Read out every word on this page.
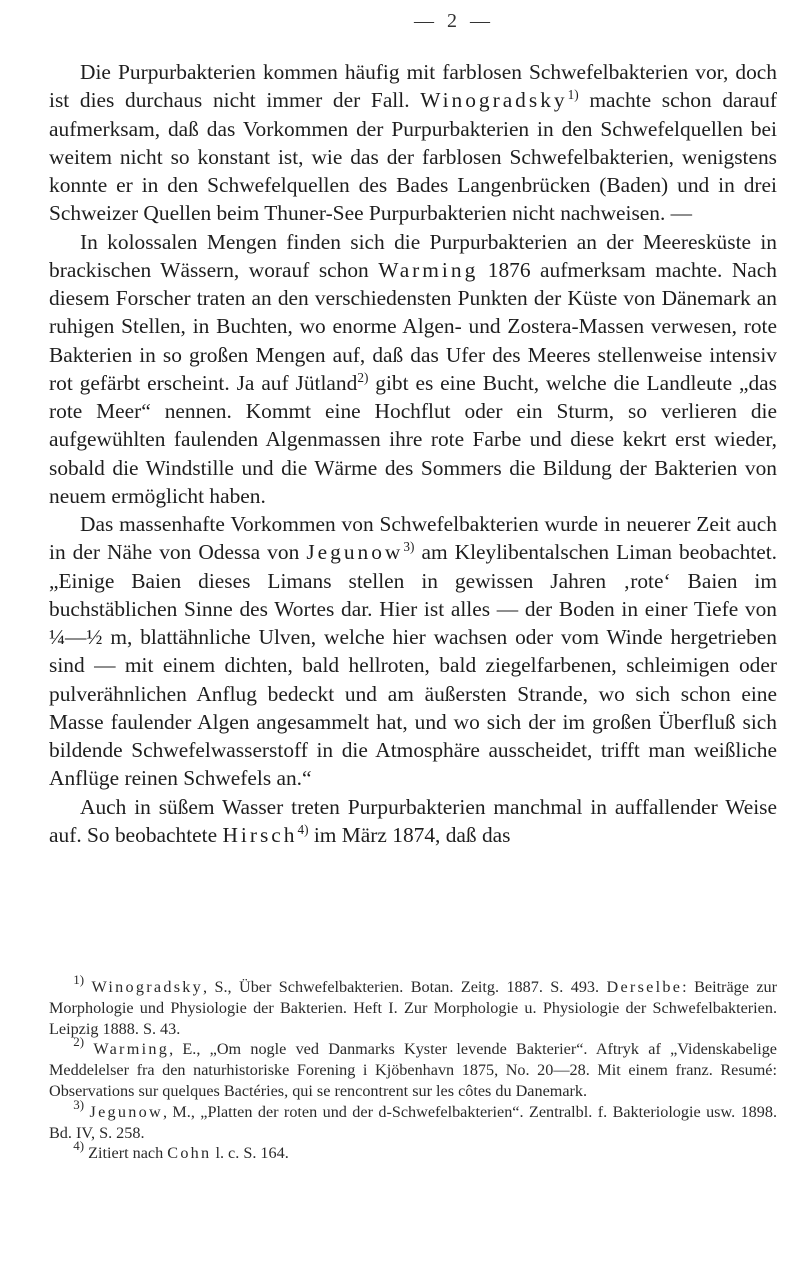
— 2 —

Die Purpurbakterien kommen häufig mit farblosen Schwefelbakterien vor, doch ist dies durchaus nicht immer der Fall. Winogradsky$^{1)}$ machte schon darauf aufmerksam, daß das Vorkommen der Purpurbakterien in den Schwefelquellen bei weitem nicht so konstant ist, wie das der farblosen Schwefelbakterien, wenigstens konnte er in den Schwefelquellen des Bades Langenbrücken (Baden) und in drei Schweizer Quellen beim Thuner-See Purpurbakterien nicht nachweisen. —

In kolossalen Mengen finden sich die Purpurbakterien an der Meeresküste in brackischen Wässern, worauf schon Warming 1876 aufmerksam machte. Nach diesem Forscher traten an den verschiedensten Punkten der Küste von Dänemark an ruhigen Stellen, in Buchten, wo enorme Algen- und Zostera-Massen verwesen, rote Bakterien in so großen Mengen auf, daß das Ufer des Meeres stellenweise intensiv rot gefärbt erscheint. Ja auf Jütland$^{2)}$ gibt es eine Bucht, welche die Landleute „das rote Meer“ nennen. Kommt eine Hochflut oder ein Sturm, so verlieren die aufgewühlten faulenden Algenmassen ihre rote Farbe und diese kekrt erst wieder, sobald die Windstille und die Wärme des Sommers die Bildung der Bakterien von neuem ermöglicht haben.

Das massenhafte Vorkommen von Schwefelbakterien wurde in neuerer Zeit auch in der Nähe von Odessa von Jegunow$^{3)}$ am Kleylibentalschen Liman beobachtet. „Einige Baien dieses Limans stellen in gewissen Jahren ‚rote‘ Baien im buchstäblichen Sinne des Wortes dar. Hier ist alles — der Boden in einer Tiefe von ¼—½ m, blattähnliche Ulven, welche hier wachsen oder vom Winde hergetrieben sind — mit einem dichten, bald hellroten, bald ziegelfarbenen, schleimigen oder pulverähnlichen Anflug bedeckt und am äußersten Strande, wo sich schon eine Masse faulender Algen angesammelt hat, und wo sich der im großen Überfluß sich bildende Schwefelwasserstoff in die Atmosphäre ausscheidet, trifft man weißliche Anflüge reinen Schwefels an.“

Auch in süßem Wasser treten Purpurbakterien manchmal in auffallender Weise auf. So beobachtete Hirsch$^{4)}$ im März 1874, daß das

$^{1)}$ Winogradsky, S., Über Schwefelbakterien. Botan. Zeitg. 1887. S. 493. Derselbe: Beiträge zur Morphologie und Physiologie der Bakterien. Heft I. Zur Morphologie u. Physiologie der Schwefelbakterien. Leipzig 1888. S. 43.

$^{2)}$ Warming, E., „Om nogle ved Danmarks Kyster levende Bakterier“. Aftryk af „Videnskabelige Meddelelser fra den naturhistoriske Forening i Kjöbenhavn 1875, No. 20—28. Mit einem franz. Resumé: Observations sur quelques Bactéries, qui se rencontrent sur les côtes du Danemark.

$^{3)}$ Jegunow, M., „Platten der roten und der d-Schwefelbakterien“. Zentralbl. f. Bakteriologie usw. 1898. Bd. IV, S. 258.

$^{4)}$ Zitiert nach Cohn l. c. S. 164.
